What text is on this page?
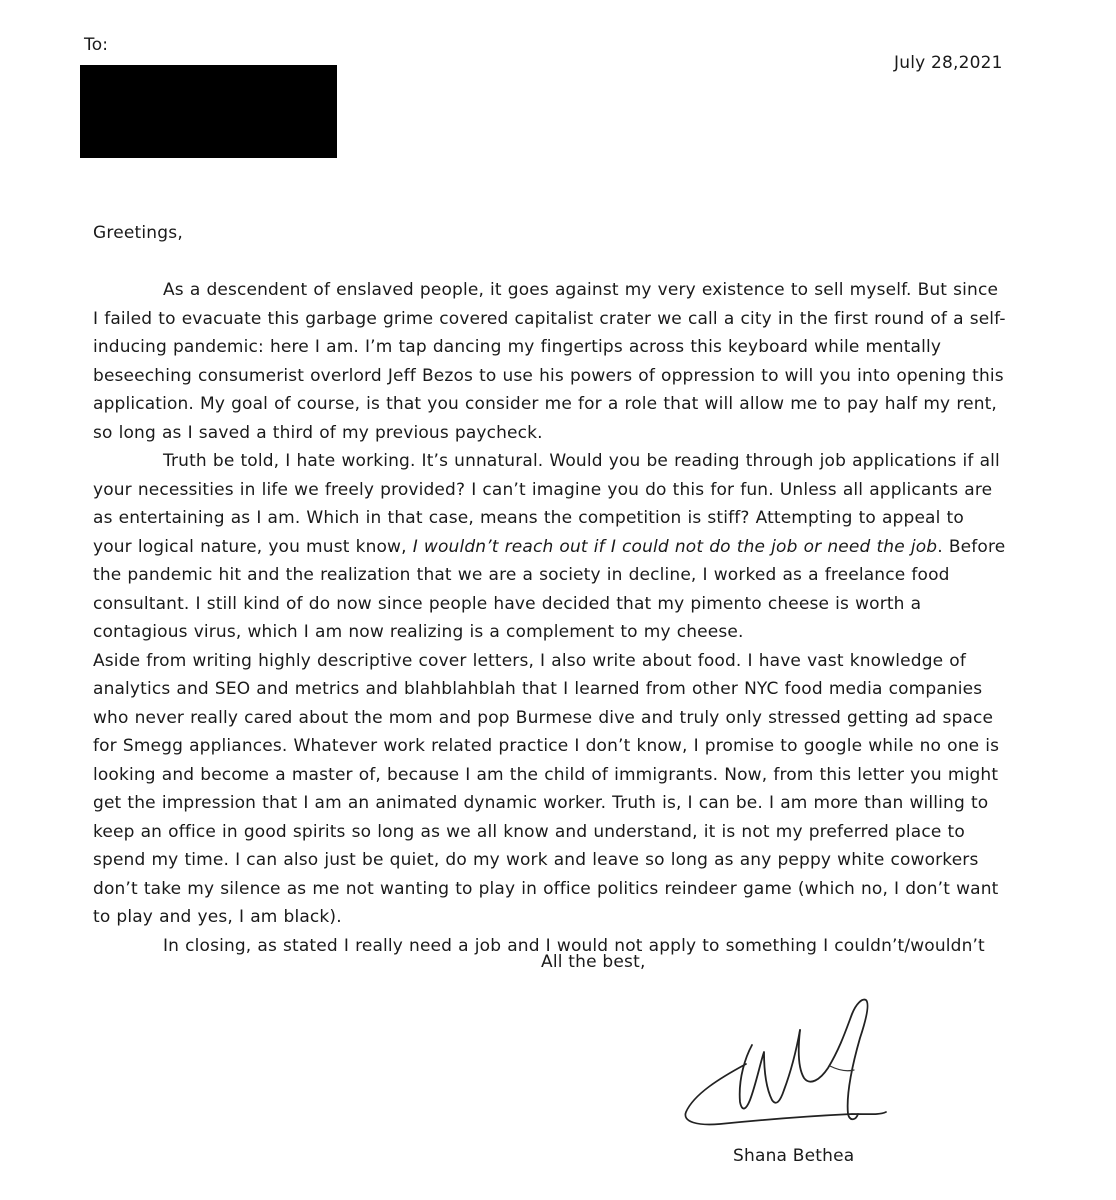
To:
July 28,2021
Greetings,

As a descendent of enslaved people, it goes against my very existence to sell myself. But since I failed to evacuate this garbage grime covered capitalist crater we call a city in the first round of a self-inducing pandemic: here I am. I’m tap dancing my fingertips across this keyboard while mentally beseeching consumerist overlord Jeff Bezos to use his powers of oppression to will you into opening this application. My goal of course, is that you consider me for a role that will allow me to pay half my rent, so long as I saved a third of my previous paycheck.

Truth be told, I hate working. It’s unnatural. Would you be reading through job applications if all your necessities in life we freely provided? I can’t imagine you do this for fun. Unless all applicants are as entertaining as I am. Which in that case, means the competition is stiff? Attempting to appeal to your logical nature, you must know, I wouldn’t reach out if I could not do the job or need the job. Before the pandemic hit and the realization that we are a society in decline, I worked as a freelance food consultant. I still kind of do now since people have decided that my pimento cheese is worth a contagious virus, which I am now realizing is a complement to my cheese.

Aside from writing highly descriptive cover letters, I also write about food. I have vast knowledge of analytics and SEO and metrics and blahblahblah that I learned from other NYC food media companies who never really cared about the mom and pop Burmese dive and truly only stressed getting ad space for Smegg appliances. Whatever work related practice I don’t know, I promise to google while no one is looking and become a master of, because I am the child of immigrants. Now, from this letter you might get the impression that I am an animated dynamic worker. Truth is, I can be. I am more than willing to keep an office in good spirits so long as we all know and understand, it is not my preferred place to spend my time. I can also just be quiet, do my work and leave so long as any peppy white coworkers don’t take my silence as me not wanting to play in office politics reindeer game (which no, I don’t want to play and yes, I am black).

In closing, as stated I really need a job and I would not apply to something I couldn’t/wouldn’t

All the best,
Shana Bethea
